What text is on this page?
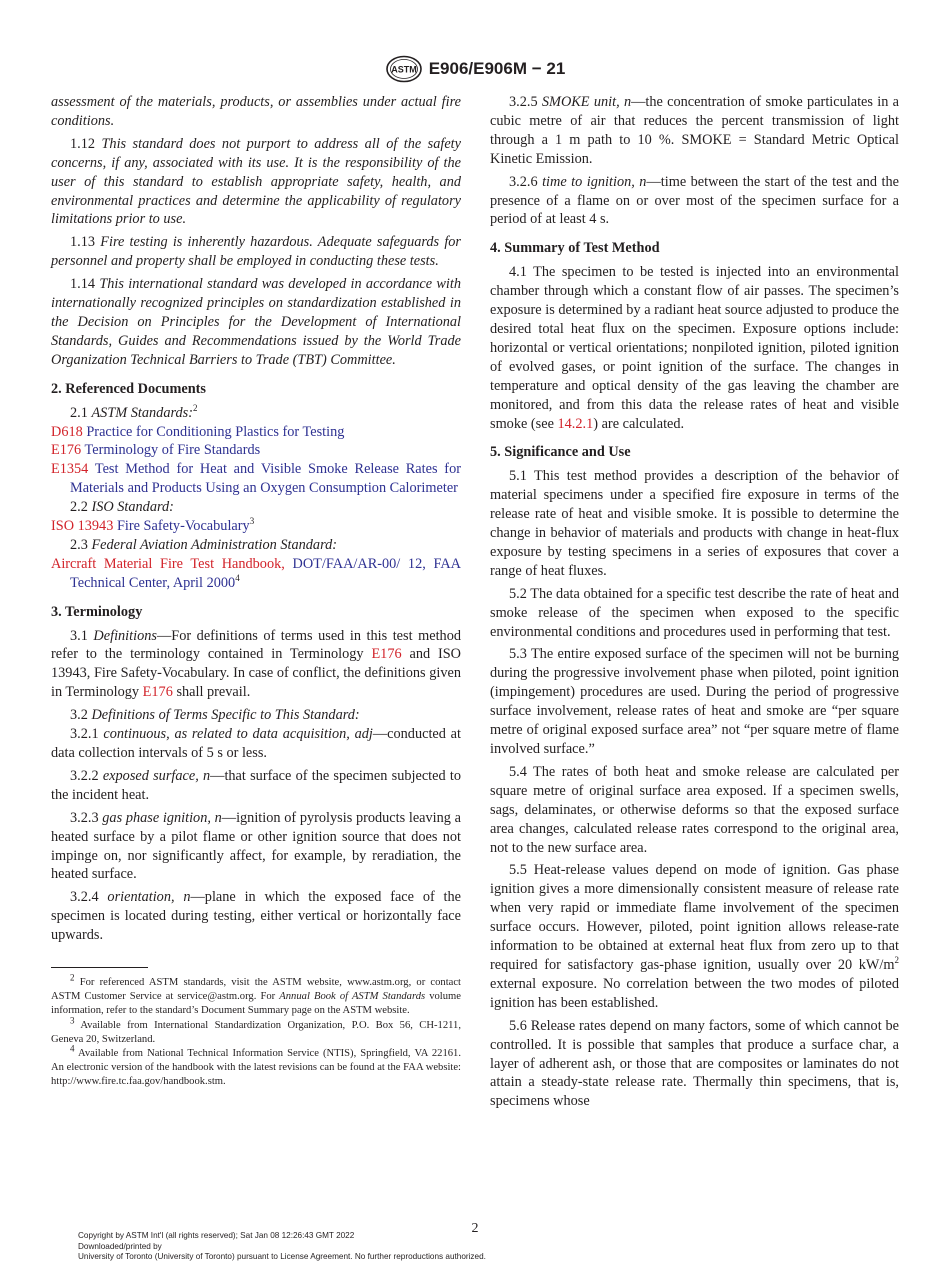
ASTM E906/E906M − 21

assessment of the materials, products, or assemblies under actual fire conditions.

1.12 This standard does not purport to address all of the safety concerns, if any, associated with its use. It is the responsibility of the user of this standard to establish appropriate safety, health, and environmental practices and determine the applicability of regulatory limitations prior to use.

1.13 Fire testing is inherently hazardous. Adequate safeguards for personnel and property shall be employed in conducting these tests.

1.14 This international standard was developed in accordance with internationally recognized principles on standardization established in the Decision on Principles for the Development of International Standards, Guides and Recommendations issued by the World Trade Organization Technical Barriers to Trade (TBT) Committee.

2. Referenced Documents

2.1 ASTM Standards:$^2$

D618 Practice for Conditioning Plastics for Testing

E176 Terminology of Fire Standards

E1354 Test Method for Heat and Visible Smoke Release Rates for Materials and Products Using an Oxygen Consumption Calorimeter

2.2 ISO Standard:

ISO 13943 Fire Safety-Vocabulary$^3$

2.3 Federal Aviation Administration Standard:

Aircraft Material Fire Test Handbook, DOT/FAA/AR-00/ 12, FAA Technical Center, April 2000$^4$

3. Terminology

3.1 Definitions—For definitions of terms used in this test method refer to the terminology contained in Terminology E176 and ISO 13943, Fire Safety-Vocabulary. In case of conflict, the definitions given in Terminology E176 shall prevail.

3.2 Definitions of Terms Specific to This Standard:

3.2.1 continuous, as related to data acquisition, adj—conducted at data collection intervals of 5 s or less.

3.2.2 exposed surface, n—that surface of the specimen subjected to the incident heat.

3.2.3 gas phase ignition, n—ignition of pyrolysis products leaving a heated surface by a pilot flame or other ignition source that does not impinge on, nor significantly affect, for example, by reradiation, the heated surface.

3.2.4 orientation, n—plane in which the exposed face of the specimen is located during testing, either vertical or horizontally face upwards.

$^2$ For referenced ASTM standards, visit the ASTM website, www.astm.org, or contact ASTM Customer Service at service@astm.org. For Annual Book of ASTM Standards volume information, refer to the standard’s Document Summary page on the ASTM website.

$^3$ Available from International Standardization Organization, P.O. Box 56, CH-1211, Geneva 20, Switzerland.

$^4$ Available from National Technical Information Service (NTIS), Springfield, VA 22161. An electronic version of the handbook with the latest revisions can be found at the FAA website: http://www.fire.tc.faa.gov/handbook.stm.

3.2.5 SMOKE unit, n—the concentration of smoke particulates in a cubic metre of air that reduces the percent transmission of light through a 1 m path to 10 %. SMOKE = Standard Metric Optical Kinetic Emission.

3.2.6 time to ignition, n—time between the start of the test and the presence of a flame on or over most of the specimen surface for a period of at least 4 s.

4. Summary of Test Method

4.1 The specimen to be tested is injected into an environmental chamber through which a constant flow of air passes. The specimen’s exposure is determined by a radiant heat source adjusted to produce the desired total heat flux on the specimen. Exposure options include: horizontal or vertical orientations; nonpiloted ignition, piloted ignition of evolved gases, or point ignition of the surface. The changes in temperature and optical density of the gas leaving the chamber are monitored, and from this data the release rates of heat and visible smoke (see 14.2.1) are calculated.

5. Significance and Use

5.1 This test method provides a description of the behavior of material specimens under a specified fire exposure in terms of the release rate of heat and visible smoke. It is possible to determine the change in behavior of materials and products with change in heat-flux exposure by testing specimens in a series of exposures that cover a range of heat fluxes.

5.2 The data obtained for a specific test describe the rate of heat and smoke release of the specimen when exposed to the specific environmental conditions and procedures used in performing that test.

5.3 The entire exposed surface of the specimen will not be burning during the progressive involvement phase when piloted, point ignition (impingement) procedures are used. During the period of progressive surface involvement, release rates of heat and smoke are “per square metre of original exposed surface area” not “per square metre of flame involved surface.”

5.4 The rates of both heat and smoke release are calculated per square metre of original surface area exposed. If a specimen swells, sags, delaminates, or otherwise deforms so that the exposed surface area changes, calculated release rates correspond to the original area, not to the new surface area.

5.5 Heat-release values depend on mode of ignition. Gas phase ignition gives a more dimensionally consistent measure of release rate when very rapid or immediate flame involvement of the specimen surface occurs. However, piloted, point ignition allows release-rate information to be obtained at external heat flux from zero up to that required for satisfactory gas-phase ignition, usually over 20 $kW/m^2$ external exposure. No correlation between the two modes of piloted ignition has been established.

5.6 Release rates depend on many factors, some of which cannot be controlled. It is possible that samples that produce a surface char, a layer of adherent ash, or those that are composites or laminates do not attain a steady-state release rate. Thermally thin specimens, that is, specimens whose

2
Copyright by ASTM Int'l (all rights reserved); Sat Jan 08 12:26:43 GMT 2022
Downloaded/printed by
University of Toronto (University of Toronto) pursuant to License Agreement. No further reproductions authorized.
